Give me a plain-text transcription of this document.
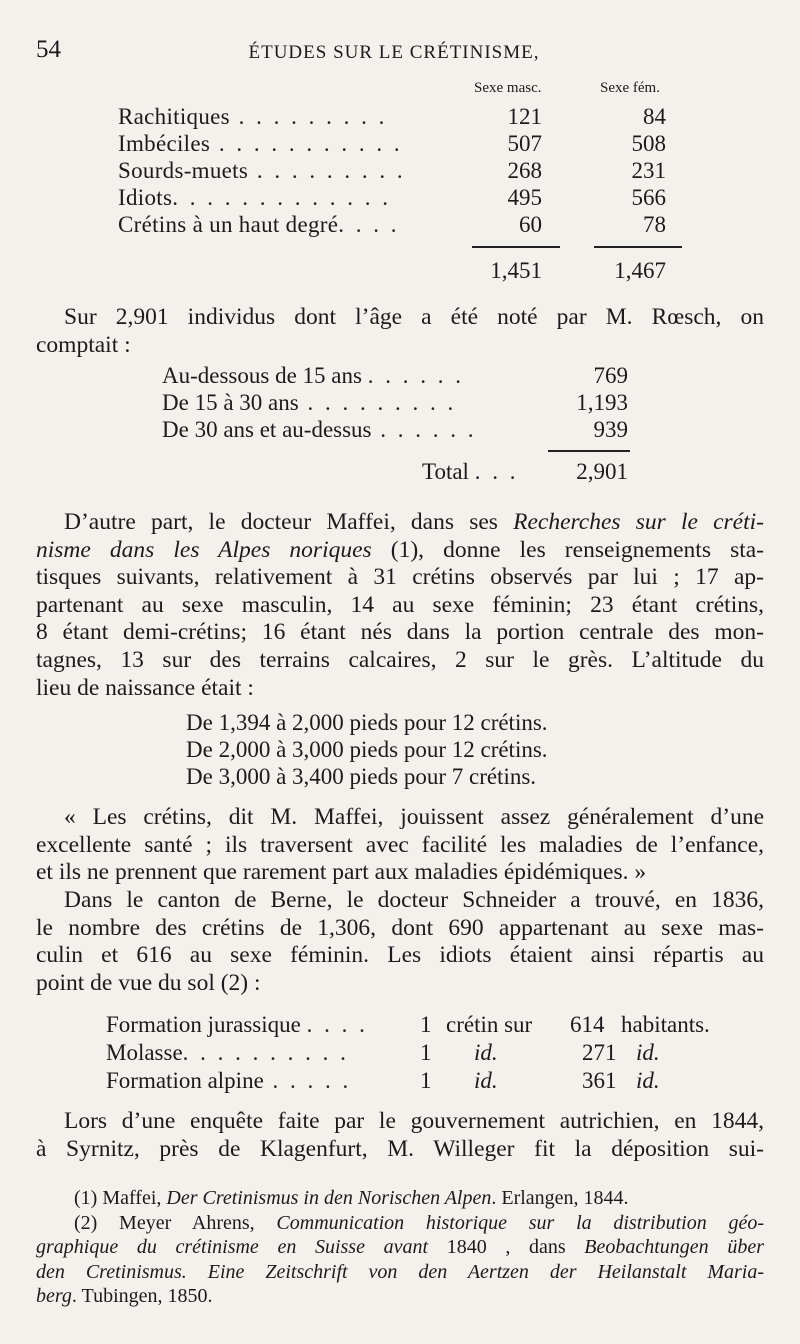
54	ÉTUDES SUR LE CRÉTINISME,
Sexe masc.	Sexe fém.
Rachitiques . . . . . . . . .	121	84
Imbéciles . . . . . . . . . . .	507	508
Sourds-muets . . . . . . . . .	268	231
Idiots. . . . . . . . . . . . .	495	566
Crétins à un haut degré. . . .	60	78
1,451	1,467
Sur 2,901 individus dont l’âge a été noté par M. Rœsch, on
comptait :
Au-dessous de 15 ans . . . . . .	769
De 15 à 30 ans . . . . . . . . .	1,193
De 30 ans et au-dessus . . . . . .	939
Total . . .	2,901
D’autre part, le docteur Maffei, dans ses Recherches sur le créti-
nisme dans les Alpes noriques (1), donne les renseignements sta-
tisques suivants, relativement à 31 crétins observés par lui ; 17 ap-
partenant au sexe masculin, 14 au sexe féminin; 23 étant crétins,
8 étant demi-crétins; 16 étant nés dans la portion centrale des mon-
tagnes, 13 sur des terrains calcaires, 2 sur le grès. L’altitude du
lieu de naissance était :
De 1,394 à 2,000 pieds pour 12 crétins.
De 2,000 à 3,000 pieds pour 12 crétins.
De 3,000 à 3,400 pieds pour 7 crétins.
« Les crétins, dit M. Maffei, jouissent assez généralement d’une
excellente santé ; ils traversent avec facilité les maladies de l’enfance,
et ils ne prennent que rarement part aux maladies épidémiques. »
Dans le canton de Berne, le docteur Schneider a trouvé, en 1836,
le nombre des crétins de 1,306, dont 690 appartenant au sexe mas-
culin et 616 au sexe féminin. Les idiots étaient ainsi répartis au
point de vue du sol (2) :
Formation jurassique . . . . 1 crétin sur 614 habitants.
Molasse. . . . . . . . . .	1 id.	271 id.
Formation alpine . . . . .	1 id.	361 id.
Lors d’une enquête faite par le gouvernement autrichien, en 1844,
à Syrnitz, près de Klagenfurt, M. Willeger fit la déposition sui-
(1) Maffei, Der Cretinismus in den Norischen Alpen. Erlangen, 1844.
(2) Meyer Ahrens, Communication historique sur la distribution géo-
graphique du crétinisme en Suisse avant 1840 , dans Beobachtungen über
den Cretinismus. Eine Zeitschrift von den Aertzen der Heilanstalt Maria-
berg. Tubingen, 1850.
